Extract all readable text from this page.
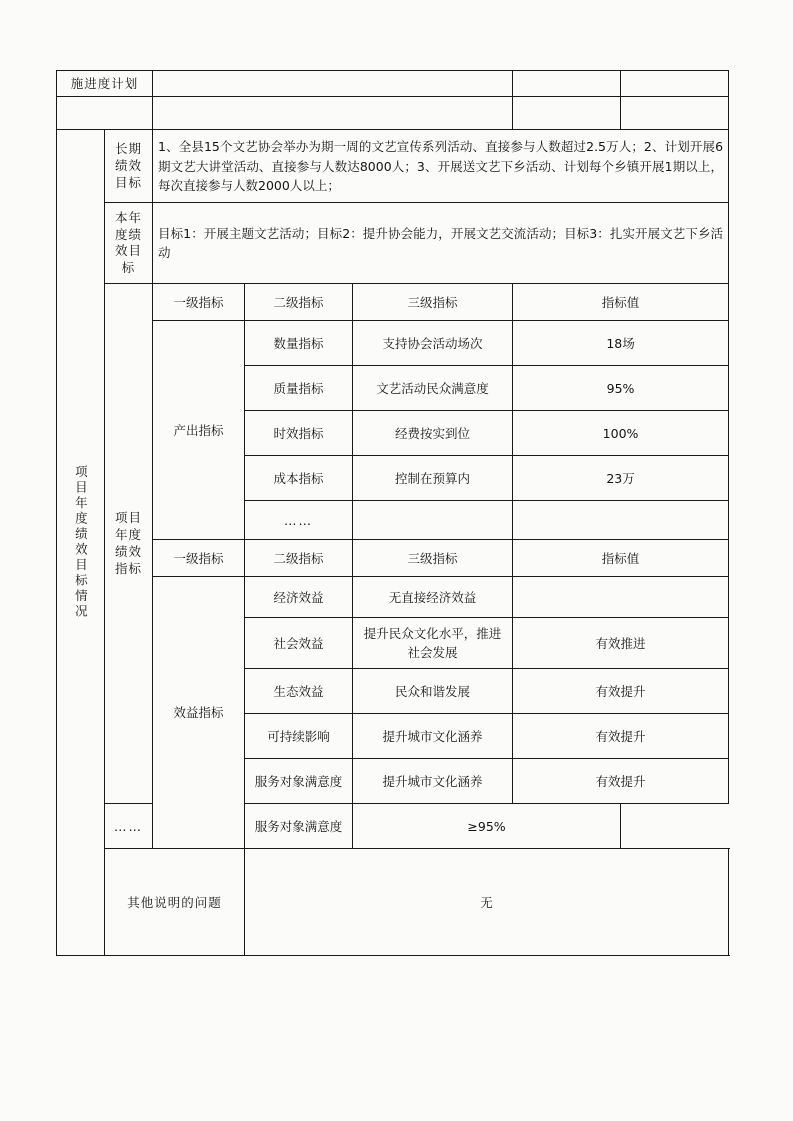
施进度计划						

项目年度绩效目标情况	长期
绩效
目标	1、全县15个文艺协会举办为期一周的文艺宣传系列活动、直接参与人数超过2.5万人；2、计划开展6期文艺大讲堂活动、直接参与人数达8000人；3、开展送文艺下乡活动、计划每个乡镇开展1期以上，每次直接参与人数2000人以上；				

	本年
度绩
效目
标	目标1：开展主题文艺活动；目标2：提升协会能力，开展文艺交流活动；目标3：扎实开展文艺下乡活动				

	项目
年度
绩效
指标	一级指标	二级指标	三级指标	指标值	
		产出指标	数量指标	支持协会活动场次	18场	
			质量指标	文艺活动民众满意度	95%	
			时效指标	经费按实到位	100%	
			成本指标	控制在预算内	23万	
			……			
		一级指标	二级指标	三级指标	指标值	
		效益指标	经济效益	无直接经济效益		
			社会效益	提升民众文化水平，推进社会发展	有效推进	
			生态效益	民众和谐发展	有效提升	
			可持续影响	提升城市文化涵养	有效提升	
			服务对象满意度	提升城市文化涵养	有效提升	
	……		服务对象满意度	≥95%		
	其他说明的问题		无			
